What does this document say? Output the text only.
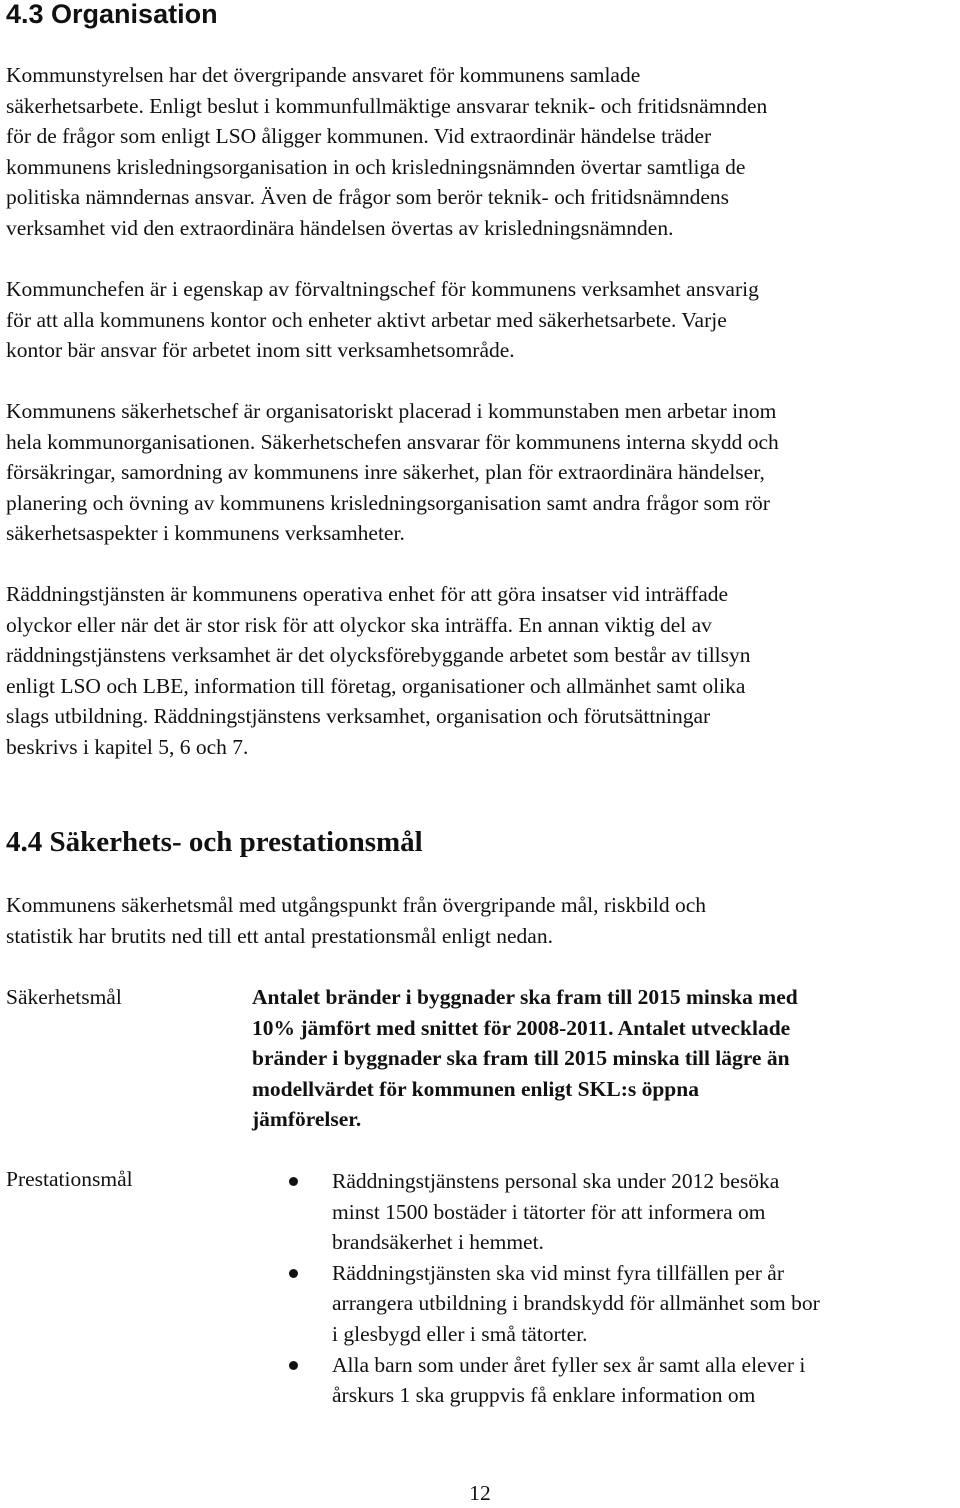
4.3 Organisation

Kommunstyrelsen har det övergripande ansvaret för kommunens samlade
säkerhetsarbete. Enligt beslut i kommunfullmäktige ansvarar teknik- och fritidsnämnden
för de frågor som enligt LSO åligger kommunen. Vid extraordinär händelse träder
kommunens krisledningsorganisation in och krisledningsnämnden övertar samtliga de
politiska nämndernas ansvar. Även de frågor som berör teknik- och fritidsnämndens
verksamhet vid den extraordinära händelsen övertas av krisledningsnämnden.

Kommunchefen är i egenskap av förvaltningschef för kommunens verksamhet ansvarig
för att alla kommunens kontor och enheter aktivt arbetar med säkerhetsarbete. Varje
kontor bär ansvar för arbetet inom sitt verksamhetsområde.

Kommunens säkerhetschef är organisatoriskt placerad i kommunstaben men arbetar inom
hela kommunorganisationen. Säkerhetschefen ansvarar för kommunens interna skydd och
försäkringar, samordning av kommunens inre säkerhet, plan för extraordinära händelser,
planering och övning av kommunens krisledningsorganisation samt andra frågor som rör
säkerhetsaspekter i kommunens verksamheter.

Räddningstjänsten är kommunens operativa enhet för att göra insatser vid inträffade
olyckor eller när det är stor risk för att olyckor ska inträffa. En annan viktig del av
räddningstjänstens verksamhet är det olycksförebyggande arbetet som består av tillsyn
enligt LSO och LBE, information till företag, organisationer och allmänhet samt olika
slags utbildning. Räddningstjänstens verksamhet, organisation och förutsättningar
beskrivs i kapitel 5, 6 och 7.

4.4 Säkerhets- och prestationsmål

Kommunens säkerhetsmål med utgångspunkt från övergripande mål, riskbild och
statistik har brutits ned till ett antal prestationsmål enligt nedan.

Säkerhetsmål	Antalet bränder i byggnader ska fram till 2015 minska med
10% jämfört med snittet för 2008-2011. Antalet utvecklade
bränder i byggnader ska fram till 2015 minska till lägre än
modellvärdet för kommunen enligt SKL:s öppna
jämförelser.

Prestationsmål	Räddningstjänstens personal ska under 2012 besöka
minst 1500 bostäder i tätorter för att informera om
brandsäkerhet i hemmet.
Räddningstjänsten ska vid minst fyra tillfällen per år
arrangera utbildning i brandskydd för allmänhet som bor
i glesbygd eller i små tätorter.
Alla barn som under året fyller sex år samt alla elever i
årskurs 1 ska gruppvis få enklare information om
12
